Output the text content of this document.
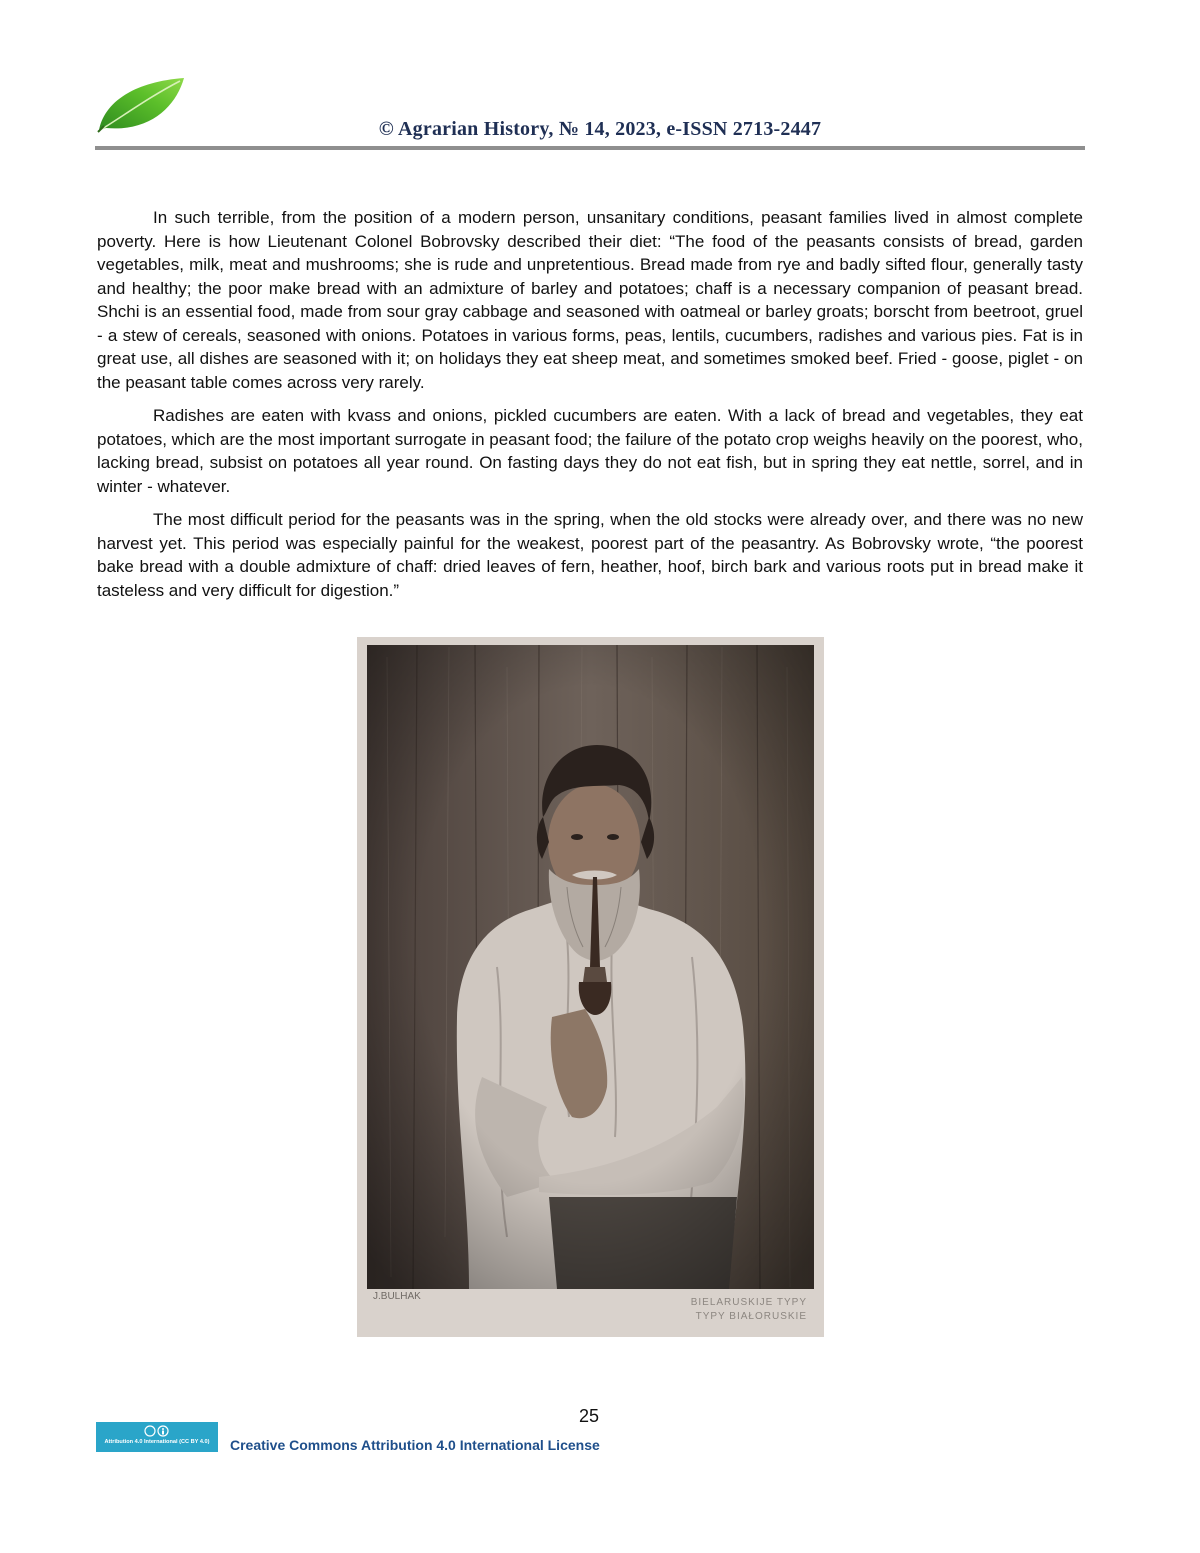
© Agrarian History, № 14, 2023, e-ISSN 2713-2447

In such terrible, from the position of a modern person, unsanitary conditions, peasant families lived in almost complete poverty. Here is how Lieutenant Colonel Bobrovsky described their diet: “The food of the peasants consists of bread, garden vegetables, milk, meat and mushrooms; she is rude and unpretentious. Bread made from rye and badly sifted flour, generally tasty and healthy; the poor make bread with an admixture of barley and potatoes; chaff is a necessary companion of peasant bread. Shchi is an essential food, made from sour gray cabbage and seasoned with oatmeal or barley groats; borscht from beetroot, gruel - a stew of cereals, seasoned with onions. Potatoes in various forms, peas, lentils, cucumbers, radishes and various pies. Fat is in great use, all dishes are seasoned with it; on holidays they eat sheep meat, and sometimes smoked beef. Fried - goose, piglet - on the peasant table comes across very rarely.

Radishes are eaten with kvass and onions, pickled cucumbers are eaten. With a lack of bread and vegetables, they eat potatoes, which are the most important surrogate in peasant food; the failure of the potato crop weighs heavily on the poorest, who, lacking bread, subsist on potatoes all year round. On fasting days they do not eat fish, but in spring they eat nettle, sorrel, and in winter - whatever.

The most difficult period for the peasants was in the spring, when the old stocks were already over, and there was no new harvest yet. This period was especially painful for the weakest, poorest part of the peasantry. As Bobrovsky wrote, “the poorest bake bread with a double admixture of chaff: dried leaves of fern, heather, hoof, birch bark and various roots put in bread make it tasteless and very difficult for digestion.”

J.BULHAK
BIELARUSKIJE TYPY
TYPY BIAŁORUSKIE
25
Attribution 4.0 International (CC BY 4.0)	Creative Commons Attribution 4.0 International License
